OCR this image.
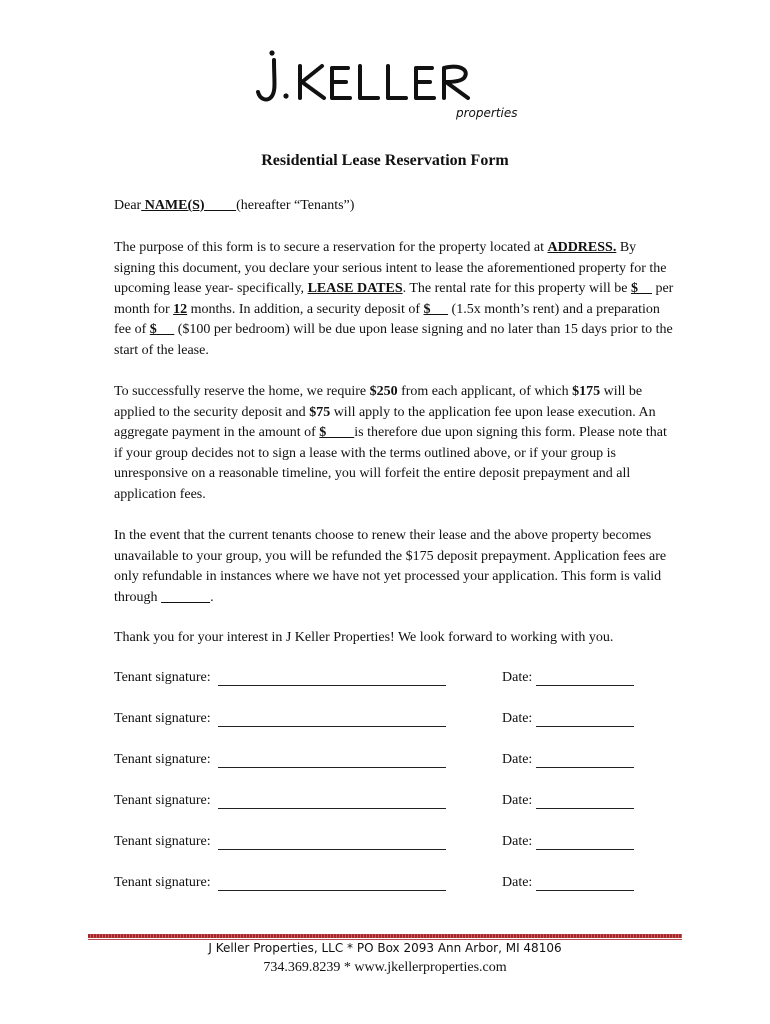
properties
Residential Lease Reservation Form
Dear NAME(S)         (hereafter “Tenants”)

The purpose of this form is to secure a reservation for the property located at ADDRESS. By signing this document, you declare your serious intent to lease the aforementioned property for the upcoming lease year- specifically, LEASE DATES. The rental rate for this property will be $     per month for 12 months. In addition, a security deposit of $      (1.5x month’s rent) and a preparation fee of $      ($100 per bedroom) will be due upon lease signing and no later than 15 days prior to the start of the lease.

To successfully reserve the home, we require $250 from each applicant, of which $175 will be applied to the security deposit and $75 will apply to the application fee upon lease execution. An aggregate payment in the amount of $        is therefore due upon signing this form. Please note that if your group decides not to sign a lease with the terms outlined above, or if your group is unresponsive on a reasonable timeline, you will forfeit the entire deposit prepayment and all application fees.

In the event that the current tenants choose to renew their lease and the above property becomes unavailable to your group, you will be refunded the $175 deposit prepayment. Application fees are only refundable in instances where we have not yet processed your application. This form is valid through	.

Thank you for your interest in J Keller Properties! We look forward to working with you.
Tenant signature:	Date:
Tenant signature:	Date:
Tenant signature:	Date:
Tenant signature:	Date:
Tenant signature:	Date:
Tenant signature:	Date:
J Keller Properties, LLC * PO Box 2093 Ann Arbor, MI 48106
734.369.8239 * www.jkellerproperties.com
